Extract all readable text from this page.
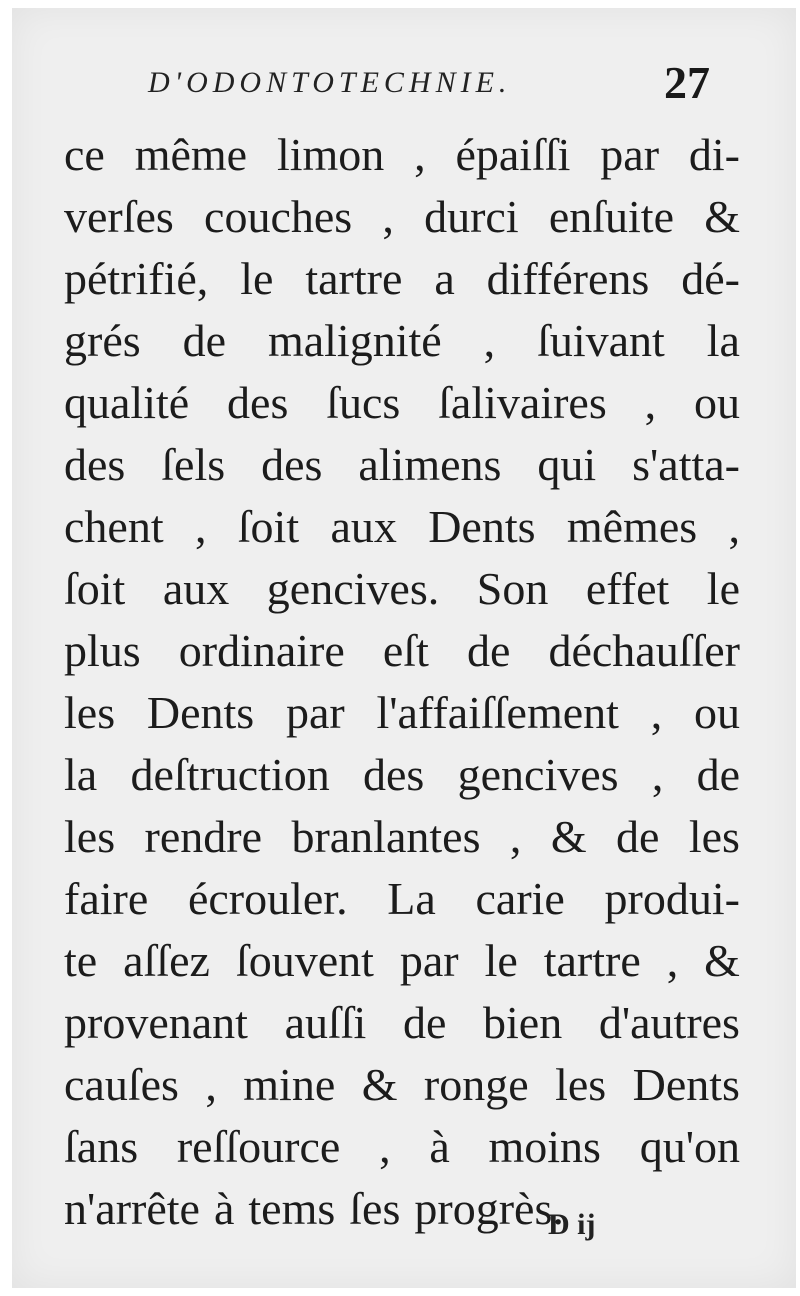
D'ODONTOTECHNIE.	27
ce même limon , épaiſſi par di-
verſes couches , durci enſuite &
pétrifié, le tartre a différens dé-
grés de malignité , ſuivant la
qualité des ſucs ſalivaires , ou
des ſels des alimens qui s'atta-
chent , ſoit aux Dents mêmes ,
ſoit aux gencives. Son effet le
plus ordinaire eſt de déchauſſer
les Dents par l'affaiſſement , ou
la deſtruction des gencives , de
les rendre branlantes , & de les
faire écrouler. La carie produi-
te aſſez ſouvent par le tartre , &
provenant auſſi de bien d'autres
cauſes , mine & ronge les Dents
ſans reſſource , à moins qu'on
n'arrête à tems ſes progrès.
D ij
